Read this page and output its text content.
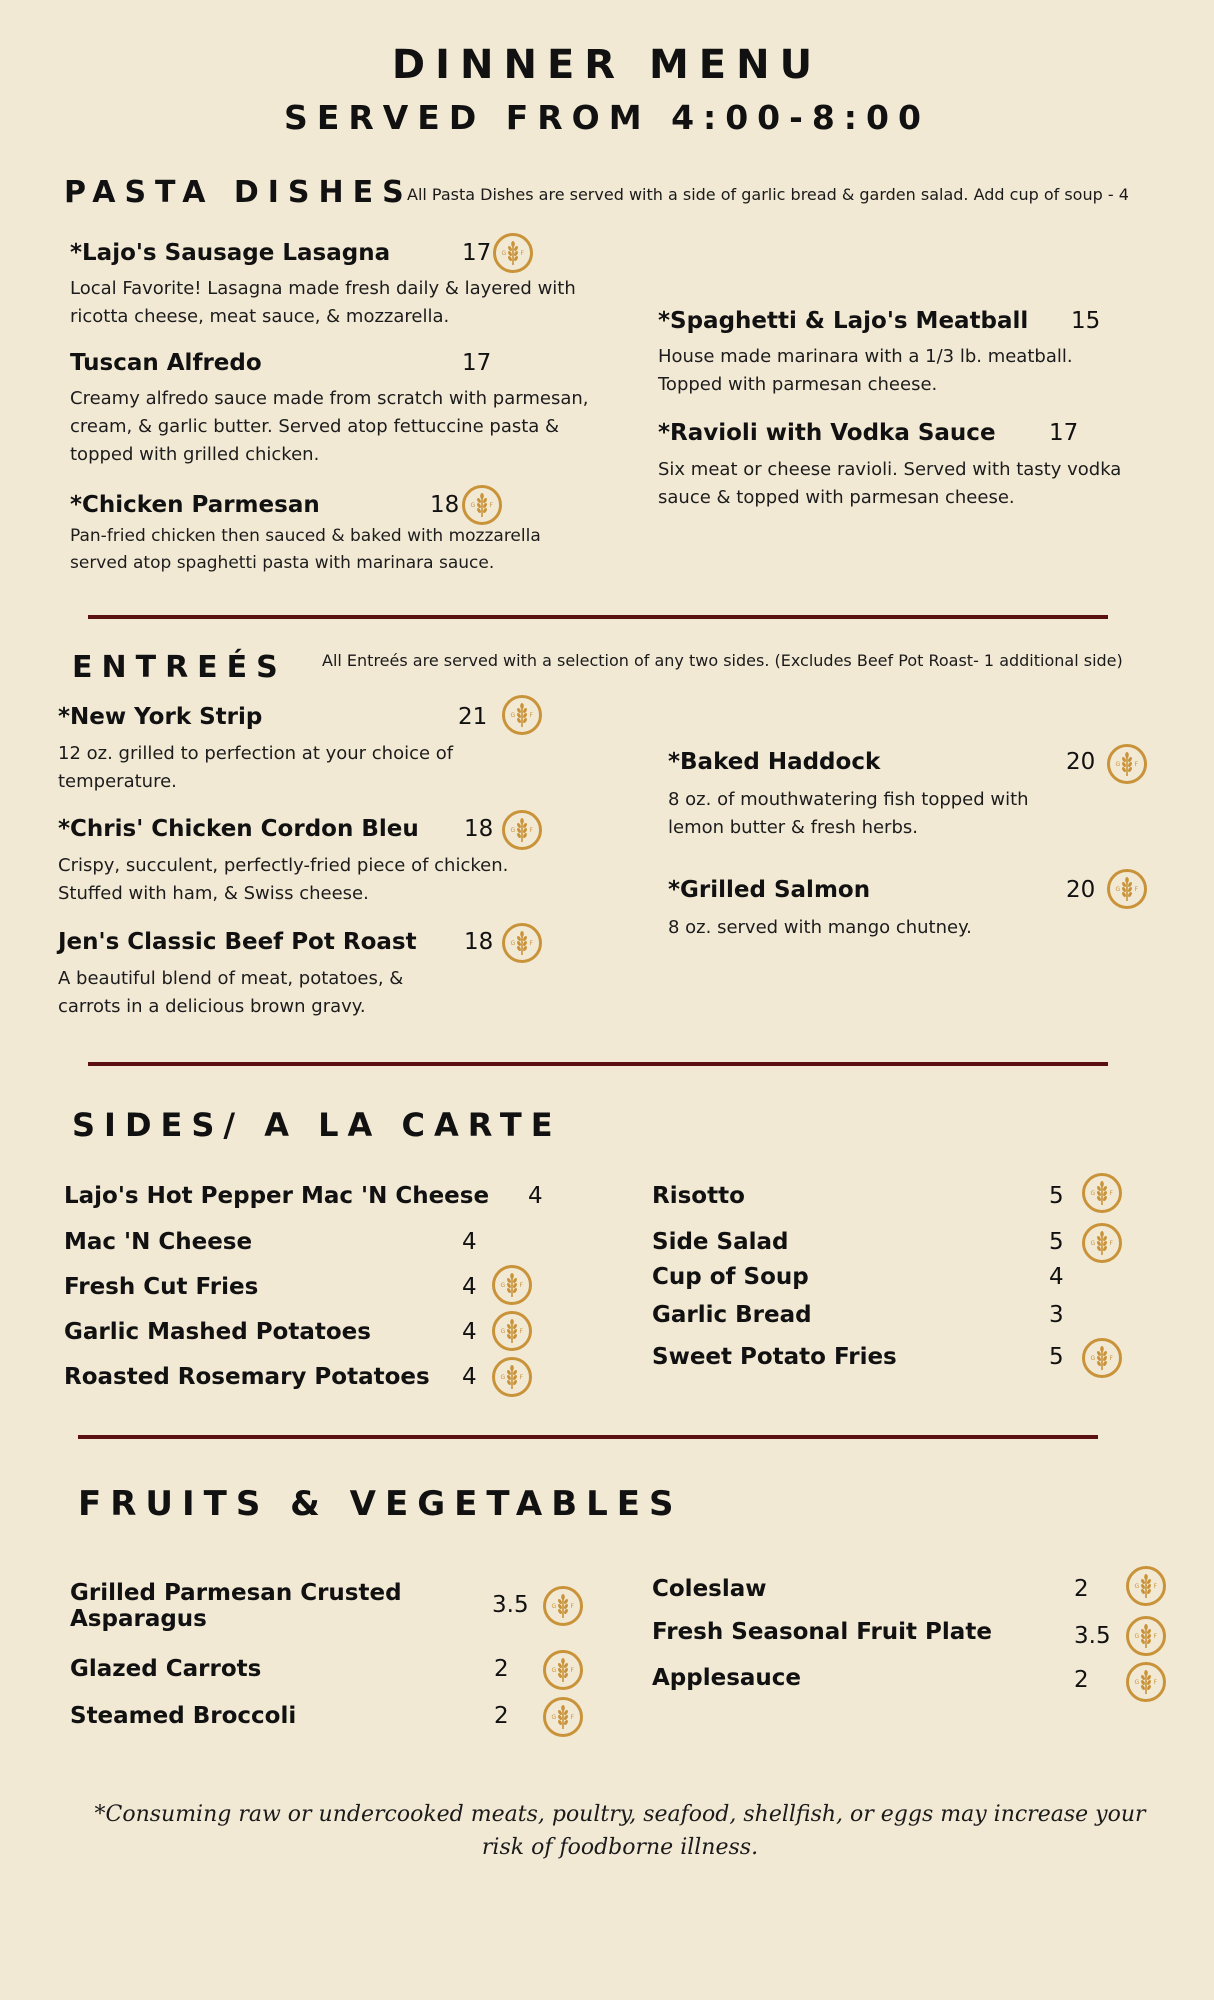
DINNER MENU
SERVED FROM 4:00-8:00
PASTA DISHES
All Pasta Dishes are served with a side of garlic bread & garden salad. Add cup of soup - 4
*Lajo's Sausage Lasagna	17 G F
Local Favorite! Lasagna made fresh daily & layered with ricotta cheese, meat sauce, & mozzarella.
Tuscan Alfredo	17
Creamy alfredo sauce made from scratch with parmesan, cream, & garlic butter. Served atop fettuccine pasta & topped with grilled chicken.
*Chicken Parmesan	18 G F
Pan-fried chicken then sauced & baked with mozzarella served atop spaghetti pasta with marinara sauce.
*Spaghetti & Lajo's Meatball 15
House made marinara with a 1/3 lb. meatball. Topped with parmesan cheese.
*Ravioli with Vodka Sauce 17
Six meat or cheese ravioli. Served with tasty vodka sauce & topped with parmesan cheese.
ENTREÉS All Entreés are served with a selection of any two sides. (Excludes Beef Pot Roast- 1 additional side)
*New York Strip	21	G F
12 oz. grilled to perfection at your choice of temperature.
*Chris' Chicken Cordon Bleu 18	G F
Crispy, succulent, perfectly-fried piece of chicken. Stuffed with ham, & Swiss cheese.
Jen's Classic Beef Pot Roast 18	G F
A beautiful blend of meat, potatoes, & carrots in a delicious brown gravy.
*Baked Haddock	20	G F
8 oz. of mouthwatering fish topped with lemon butter & fresh herbs.
*Grilled Salmon	20	G F
8 oz. served with mango chutney.
SIDES/ A LA CARTE
Lajo's Hot Pepper Mac 'N Cheese 4
Mac 'N Cheese	4
Fresh Cut Fries	4	G F
Garlic Mashed Potatoes	4	G F
Roasted Rosemary Potatoes 4	G F
Risotto	5	G F
Side Salad	5	G F
Cup of Soup	4
Garlic Bread	3
Sweet Potato Fries	5	G F
FRUITS & VEGETABLES
Grilled Parmesan Crusted
Asparagus
3.5	G F
Glazed Carrots	2	G F
Steamed Broccoli	2	G F
Coleslaw	2	G F
Fresh Seasonal Fruit Plate	3.5	G F
Applesauce	2	G F
*Consuming raw or undercooked meats, poultry, seafood, shellfish, or eggs may increase your risk of foodborne illness.
